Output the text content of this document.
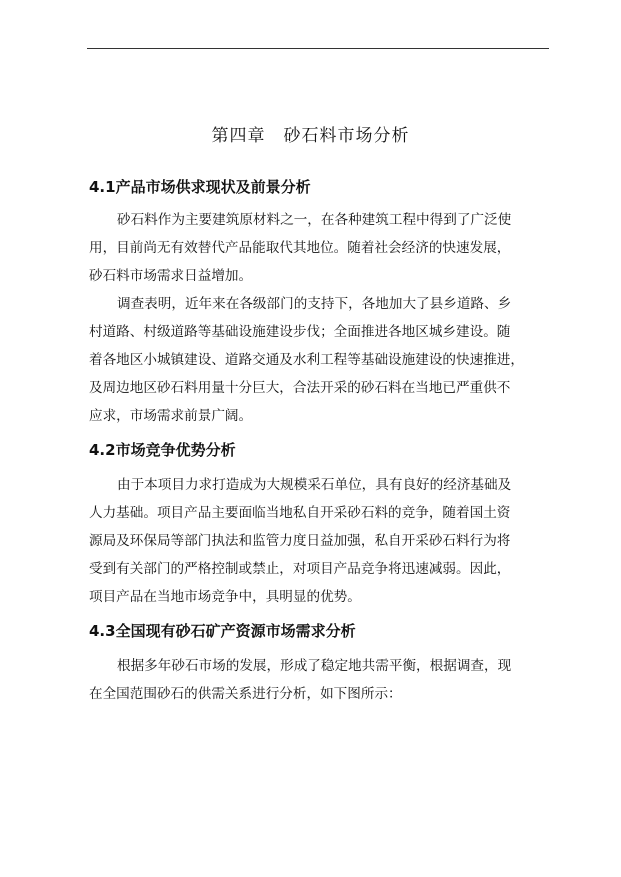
第四章　砂石料市场分析
4.1产品市场供求现状及前景分析
砂石料作为主要建筑原材料之一，在各种建筑工程中得到了广泛使
用，目前尚无有效替代产品能取代其地位。随着社会经济的快速发展，
砂石料市场需求日益增加。
调查表明，近年来在各级部门的支持下，各地加大了县乡道路、乡
村道路、村级道路等基础设施建设步伐；全面推进各地区城乡建设。随
着各地区小城镇建设、道路交通及水利工程等基础设施建设的快速推进，
及周边地区砂石料用量十分巨大，合法开采的砂石料在当地已严重供不
应求，市场需求前景广阔。
4.2市场竞争优势分析
由于本项目力求打造成为大规模采石单位，具有良好的经济基础及
人力基础。项目产品主要面临当地私自开采砂石料的竞争，随着国土资
源局及环保局等部门执法和监管力度日益加强，私自开采砂石料行为将
受到有关部门的严格控制或禁止，对项目产品竞争将迅速减弱。因此，
项目产品在当地市场竞争中，具明显的优势。
4.3全国现有砂石矿产资源市场需求分析
根据多年砂石市场的发展，形成了稳定地共需平衡，根据调查，现
在全国范围砂石的供需关系进行分析，如下图所示：
